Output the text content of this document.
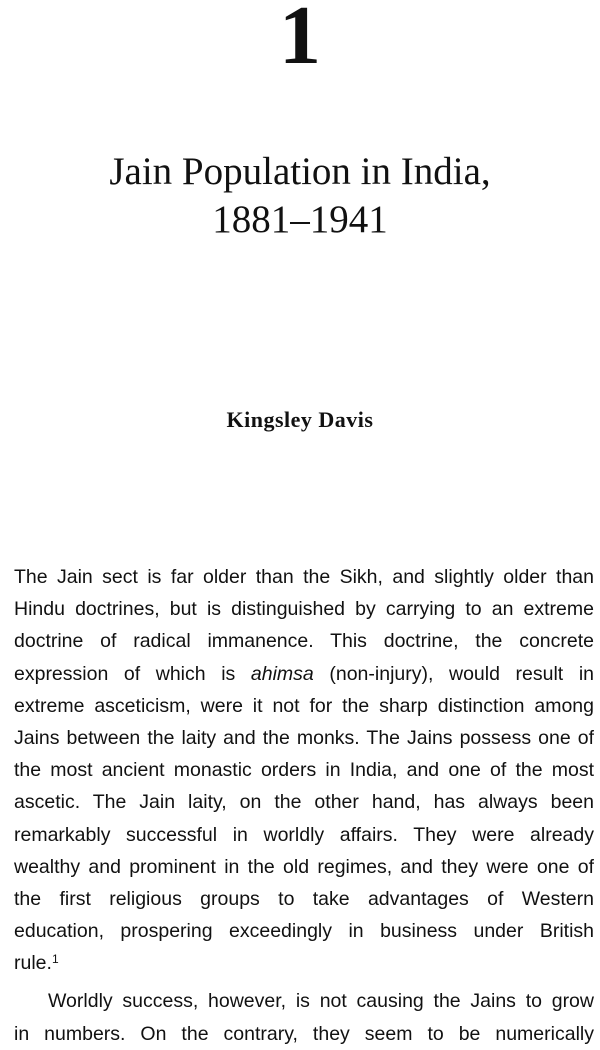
1
Jain Population in India,
1881–1941
Kingsley Davis
The Jain sect is far older than the Sikh, and slightly older than
Hindu doctrines, but is distinguished by carrying to an extreme
doctrine of radical immanence. This doctrine, the concrete
expression of which is ahimsa (non-injury), would result in
extreme asceticism, were it not for the sharp distinction among
Jains between the laity and the monks. The Jains possess one of
the most ancient monastic orders in India, and one of the most
ascetic. The Jain laity, on the other hand, has always been
remarkably successful in worldly affairs. They were already
wealthy and prominent in the old regimes, and they were one of
the first religious groups to take advantages of Western
education, prospering exceedingly in business under British
rule.$^1$
Worldly success, however, is not causing the Jains to grow
in numbers. On the contrary, they seem to be numerically
